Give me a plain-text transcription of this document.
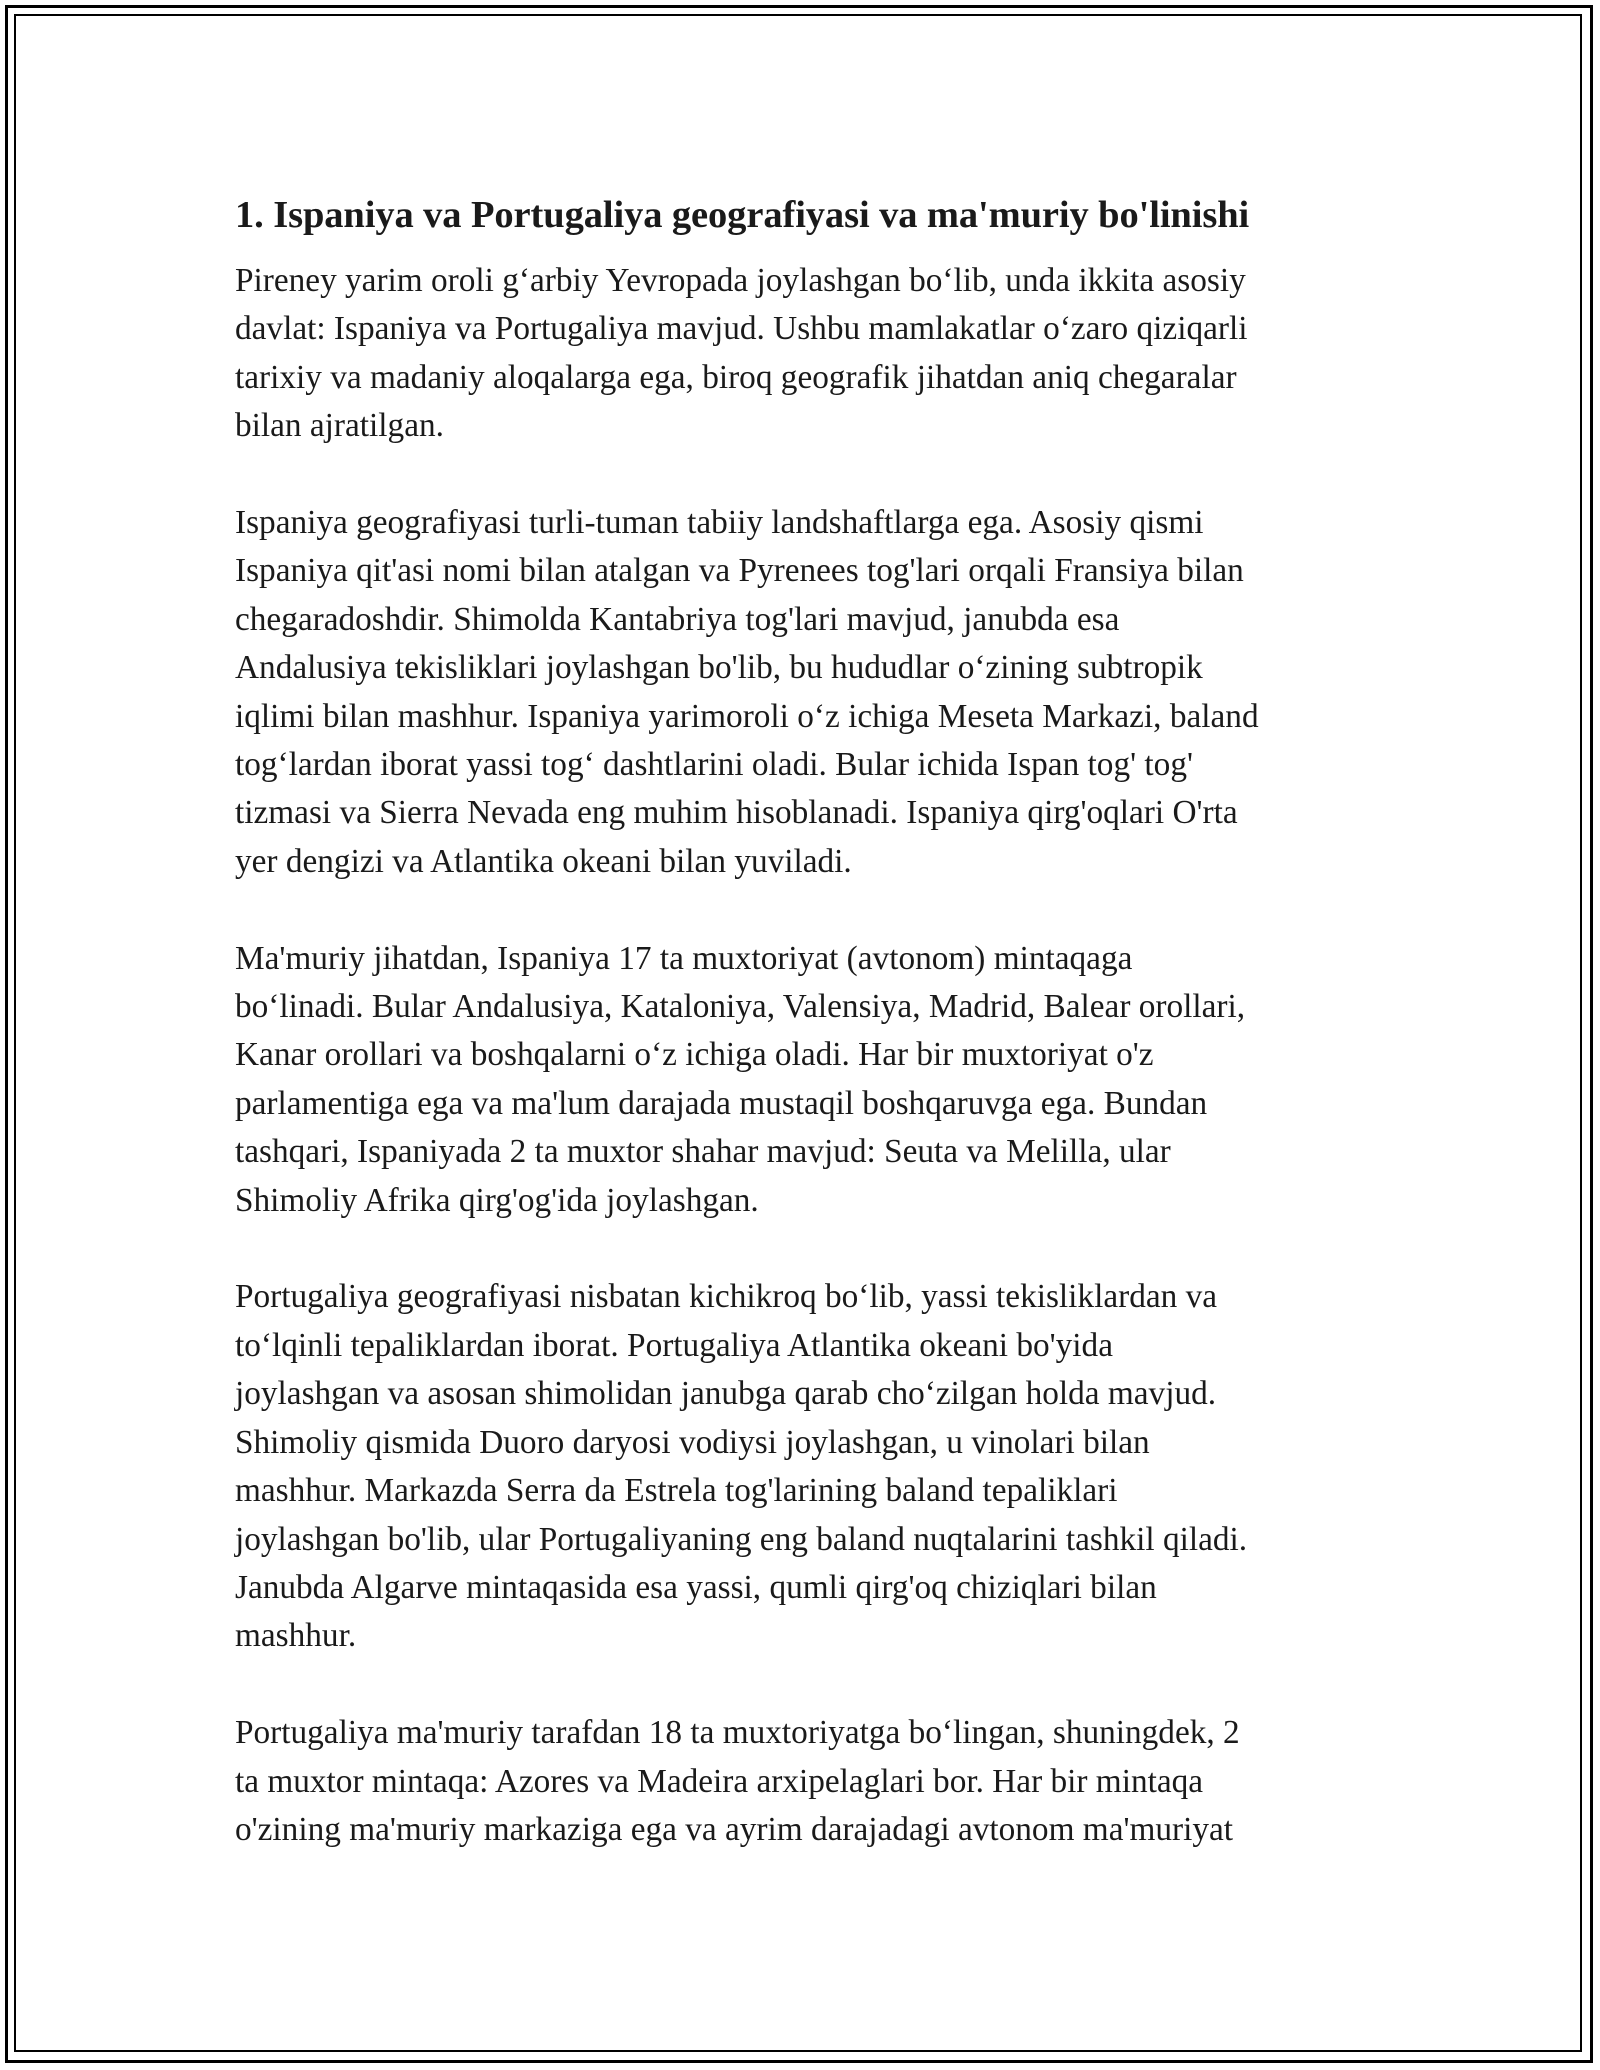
1. Ispaniya va Portugaliya geografiyasi va ma'muriy bo'linishi

Pireney yarim oroli g‘arbiy Yevropada joylashgan bo‘lib, unda ikkita asosiy
davlat: Ispaniya va Portugaliya mavjud. Ushbu mamlakatlar o‘zaro qiziqarli
tarixiy va madaniy aloqalarga ega, biroq geografik jihatdan aniq chegaralar
bilan ajratilgan.

Ispaniya geografiyasi turli-tuman tabiiy landshaftlarga ega. Asosiy qismi
Ispaniya qit'asi nomi bilan atalgan va Pyrenees tog'lari orqali Fransiya bilan
chegaradoshdir. Shimolda Kantabriya tog'lari mavjud, janubda esa
Andalusiya tekisliklari joylashgan bo'lib, bu hududlar o‘zining subtropik
iqlimi bilan mashhur. Ispaniya yarimoroli o‘z ichiga Meseta Markazi, baland
tog‘lardan iborat yassi tog‘ dashtlarini oladi. Bular ichida Ispan tog' tog'
tizmasi va Sierra Nevada eng muhim hisoblanadi. Ispaniya qirg'oqlari O'rta
yer dengizi va Atlantika okeani bilan yuviladi.

Ma'muriy jihatdan, Ispaniya 17 ta muxtoriyat (avtonom) mintaqaga
bo‘linadi. Bular Andalusiya, Kataloniya, Valensiya, Madrid, Balear orollari,
Kanar orollari va boshqalarni o‘z ichiga oladi. Har bir muxtoriyat o'z
parlamentiga ega va ma'lum darajada mustaqil boshqaruvga ega. Bundan
tashqari, Ispaniyada 2 ta muxtor shahar mavjud: Seuta va Melilla, ular
Shimoliy Afrika qirg'og'ida joylashgan.

Portugaliya geografiyasi nisbatan kichikroq bo‘lib, yassi tekisliklardan va
to‘lqinli tepaliklardan iborat. Portugaliya Atlantika okeani bo'yida
joylashgan va asosan shimolidan janubga qarab cho‘zilgan holda mavjud.
Shimoliy qismida Duoro daryosi vodiysi joylashgan, u vinolari bilan
mashhur. Markazda Serra da Estrela tog'larining baland tepaliklari
joylashgan bo'lib, ular Portugaliyaning eng baland nuqtalarini tashkil qiladi.
Janubda Algarve mintaqasida esa yassi, qumli qirg'oq chiziqlari bilan
mashhur.

Portugaliya ma'muriy tarafdan 18 ta muxtoriyatga bo‘lingan, shuningdek, 2
ta muxtor mintaqa: Azores va Madeira arxipelaglari bor. Har bir mintaqa
o'zining ma'muriy markaziga ega va ayrim darajadagi avtonom ma'muriyat
